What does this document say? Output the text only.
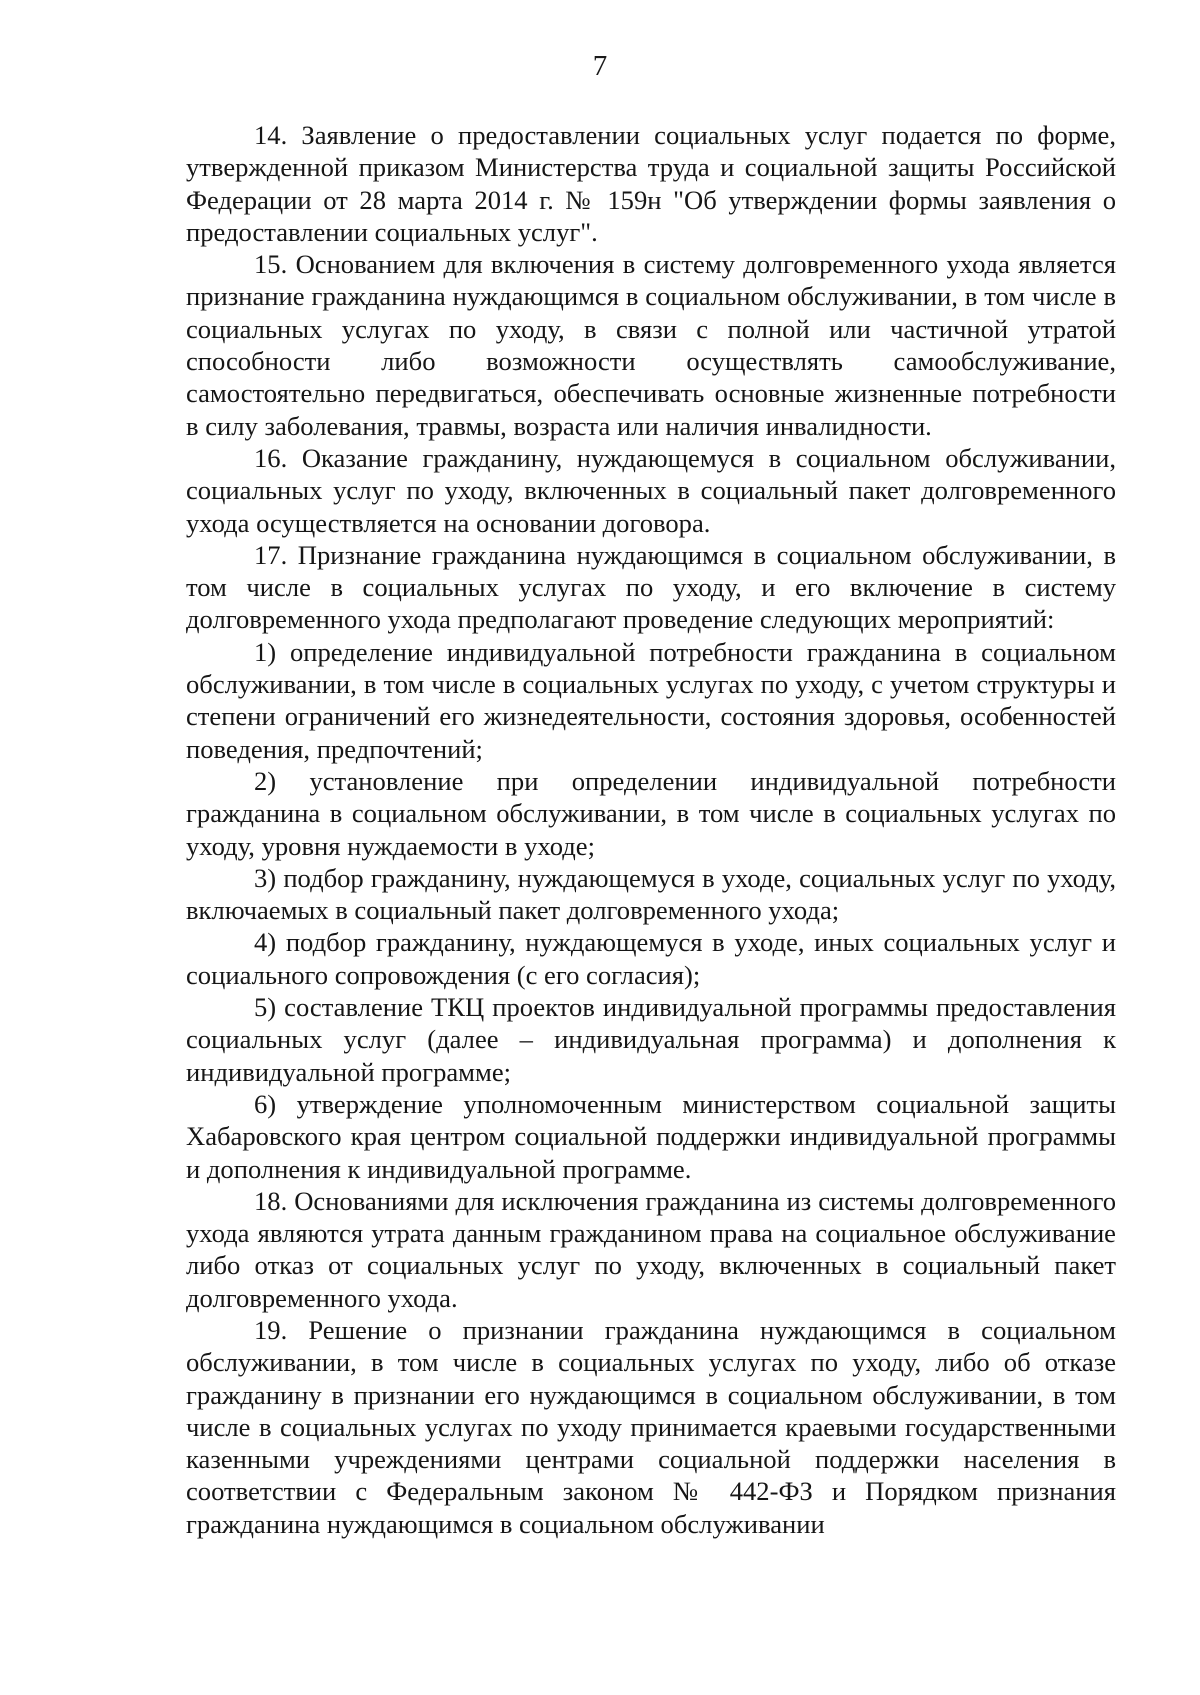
7

14. Заявление о предоставлении социальных услуг подается по форме, утвержденной приказом Министерства труда и социальной защиты Российской Федерации от 28 марта 2014 г. № 159н "Об утверждении формы заявления о предоставлении социальных услуг".

15. Основанием для включения в систему долговременного ухода является признание гражданина нуждающимся в социальном обслуживании, в том числе в социальных услугах по уходу, в связи с полной или частичной утратой способности либо возможности осуществлять самообслуживание, самостоятельно передвигаться, обеспечивать основные жизненные потребности в силу заболевания, травмы, возраста или наличия инвалидности.

16. Оказание гражданину, нуждающемуся в социальном обслуживании, социальных услуг по уходу, включенных в социальный пакет долговременного ухода осуществляется на основании договора.

17. Признание гражданина нуждающимся в социальном обслуживании, в том числе в социальных услугах по уходу, и его включение в систему долговременного ухода предполагают проведение следующих мероприятий:

1) определение индивидуальной потребности гражданина в социальном обслуживании, в том числе в социальных услугах по уходу, с учетом структуры и степени ограничений его жизнедеятельности, состояния здоровья, особенностей поведения, предпочтений;

2) установление при определении индивидуальной потребности гражданина в социальном обслуживании, в том числе в социальных услугах по уходу, уровня нуждаемости в уходе;

3) подбор гражданину, нуждающемуся в уходе, социальных услуг по уходу, включаемых в социальный пакет долговременного ухода;

4) подбор гражданину, нуждающемуся в уходе, иных социальных услуг и социального сопровождения (с его согласия);

5) составление ТКЦ проектов индивидуальной программы предоставления социальных услуг (далее – индивидуальная программа) и дополнения к индивидуальной программе;

6) утверждение уполномоченным министерством социальной защиты Хабаровского края центром социальной поддержки индивидуальной программы и дополнения к индивидуальной программе.

18. Основаниями для исключения гражданина из системы долговременного ухода являются утрата данным гражданином права на социальное обслуживание либо отказ от социальных услуг по уходу, включенных в социальный пакет долговременного ухода.

19. Решение о признании гражданина нуждающимся в социальном обслуживании, в том числе в социальных услугах по уходу, либо об отказе гражданину в признании его нуждающимся в социальном обслуживании, в том числе в социальных услугах по уходу принимается краевыми государственными казенными учреждениями центрами социальной поддержки населения в соответствии с Федеральным законом № 442-ФЗ и Порядком признания гражданина нуждающимся в социальном обслуживании
